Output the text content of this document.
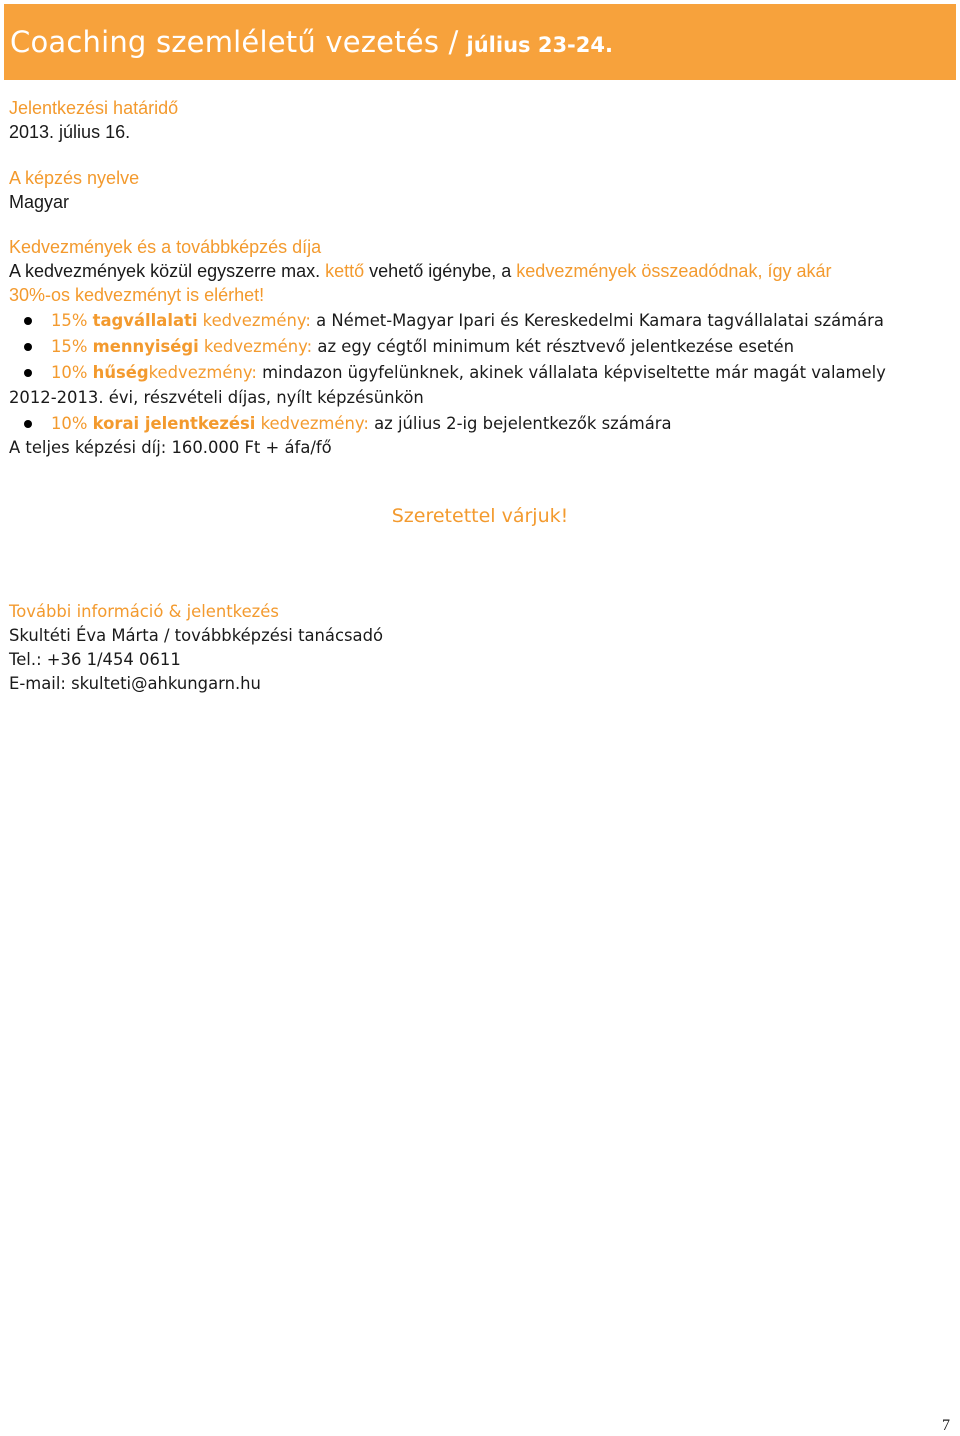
Coaching szemléletű vezetés / július 23-24.
Jelentkezési határidő
2013. július 16.
A képzés nyelve
Magyar
Kedvezmények és a továbbképzés díja
A kedvezmények közül egyszerre max. kettő vehető igénybe, a kedvezmények összeadódnak, így akár
30%-os kedvezményt is elérhet!
15% tagvállalati kedvezmény: a Német-Magyar Ipari és Kereskedelmi Kamara tagvállalatai számára
15% mennyiségi kedvezmény: az egy cégtől minimum két résztvevő jelentkezése esetén
10% hűségkedvezmény: mindazon ügyfelünknek, akinek vállalata képviseltette már magát valamely
2012-2013. évi, részvételi díjas, nyílt képzésünkön
10% korai jelentkezési kedvezmény: az július 2-ig bejelentkezők számára
A teljes képzési díj: 160.000 Ft + áfa/fő
Szeretettel várjuk!
További információ & jelentkezés
Skultéti Éva Márta / továbbképzési tanácsadó
Tel.: +36 1/454 0611
E-mail: skulteti@ahkungarn.hu
7
